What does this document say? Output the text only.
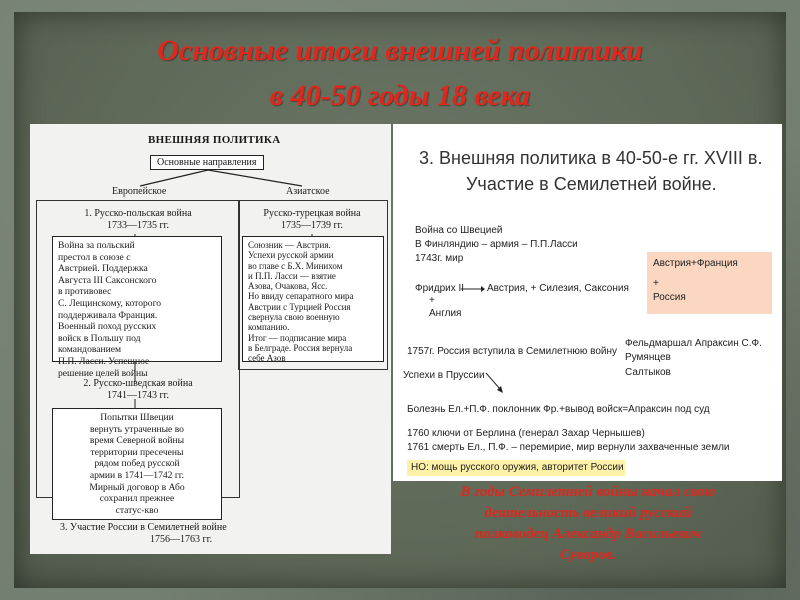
Основные итоги внешней политики
в 40-50 годы 18 века
ВНЕШНЯЯ ПОЛИТИКА
Основные направления
Европейское	Азиатское
1. Русско-польская война
1733—1735 гг.
Война за польский
престол в союзе с
Австрией. Поддержка
Августа III Саксонского
в противовес
С. Лещинскому, которого
поддерживала Франция.
Военный поход русских
войск в Польшу под
командованием
П.П. Ласси. Успешное
решение целей войны
Русско-турецкая война
1735—1739 гг.
Союзник — Австрия.
Успехи русской армии
во главе с Б.Х. Минихом
и П.П. Ласси — взятие
Азова, Очакова, Ясс.
Но ввиду сепаратного мира
Австрии с Турцией Россия
свернула свою военную
компанию.
Итог — подписание мира
в Белграде. Россия вернула
себе Азов
2. Русско-шведская война
1741—1743 гг.
Попытки Швеции
вернуть утраченные во
время Северной войны
территории пресечены
рядом побед русской
армии в 1741—1742 гг.
Мирный договор в Або
сохранил прежнее
статус-кво
3. Участие России в Семилетней войне
1756—1763 гг.
3. Внешняя политика в 40-50-е гг. XVIII в.
Участие в Семилетней войне.
Война со Швецией
В Финляндию – армия – П.П.Ласси
1743г. мир	Австрия+Франция
+
Россия
Фридрих II Австрия, + Силезия, Саксония
+
Англия
Фельдмаршал Апраксин С.Ф.
Румянцев
Салтыков
1757г. Россия вступила в Семилетнюю войну
Успехи в Пруссии
Болезнь Ел.+П.Ф. поклонник Фр.+вывод войск=Апраксин под суд
1760 ключи от Берлина (генерал Захар Чернышев)
1761 смерть Ел., П.Ф. – перемирие, мир вернули захваченные земли
НО: мощь русского оружия, авторитет России
В годы Семилетней войны начал свою
деятельность великий русский
полководец Александр Васильевич
Суворов.
